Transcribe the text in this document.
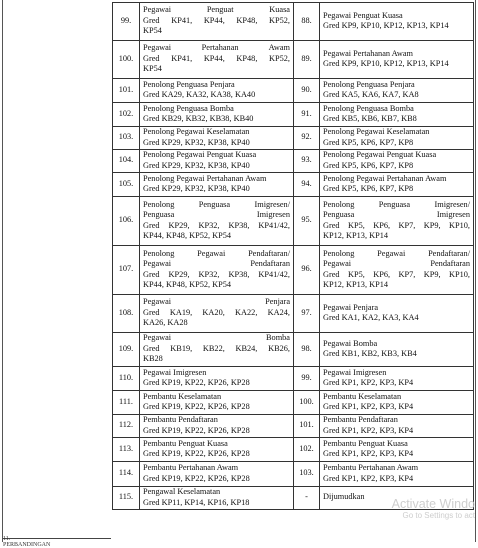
99.	Pegawai Penguat Kuasa
Gred KP41, KP44, KP48, KP52,
KP54	88.	Pegawai Penguat Kuasa
Gred KP9, KP10, KP12, KP13, KP14

100.	Pegawai Pertahanan Awam
Gred KP41, KP44, KP48, KP52,
KP54	89.	Pegawai Pertahanan Awam
Gred KP9, KP10, KP12, KP13, KP14

101.	Penolong Penguasa Penjara
Gred KA29, KA32, KA38, KA40	90.	Penolong Penguasa Penjara
Gred KA5, KA6, KA7, KA8

102.	Penolong Penguasa Bomba
Gred KB29, KB32, KB38, KB40	91.	Penolong Penguasa Bomba
Gred KB5, KB6, KB7, KB8

103.	Penolong Pegawai Keselamatan
Gred KP29, KP32, KP38, KP40	92.	Penolong Pegawai Keselamatan
Gred KP5, KP6, KP7, KP8

104.	Penolong Pegawai Penguat Kuasa
Gred KP29, KP32, KP38, KP40	93.	Penolong Pegawai Penguat Kuasa
Gred KP5, KP6, KP7, KP8

105.	Penolong Pegawai Pertahanan Awam
Gred KP29, KP32, KP38, KP40	94.	Penolong Pegawai Pertahanan Awam
Gred KP5, KP6, KP7, KP8

106.	Penolong Penguasa Imigresen/
Penguasa Imigresen
Gred KP29, KP32, KP38, KP41/42,
KP44, KP48, KP52, KP54	95.	Penolong Penguasa Imigresen/
Penguasa Imigresen
Gred KP5, KP6, KP7, KP9, KP10,
KP12, KP13, KP14

107.	Penolong Pegawai Pendaftaran/
Pegawai Pendaftaran
Gred KP29, KP32, KP38, KP41/42,
KP44, KP48, KP52, KP54	96.	Penolong Pegawai Pendaftaran/
Pegawai Pendaftaran
Gred KP5, KP6, KP7, KP9, KP10,
KP12, KP13, KP14

108.	Pegawai Penjara
Gred KA19, KA20, KA22, KA24,
KA26, KA28	97.	Pegawai Penjara
Gred KA1, KA2, KA3, KA4

109.	Pegawai Bomba
Gred KB19, KB22, KB24, KB26,
KB28	98.	Pegawai Bomba
Gred KB1, KB2, KB3, KB4

110.	Pegawai Imigresen
Gred KP19, KP22, KP26, KP28	99.	Pegawai Imigresen
Gred KP1, KP2, KP3, KP4

111.	Pembantu Keselamatan
Gred KP19, KP22, KP26, KP28	100.	Pembantu Keselamatan
Gred KP1, KP2, KP3, KP4

112.	Pembantu Pendaftaran
Gred KP19, KP22, KP26, KP28	101.	Pembantu Pendaftaran
Gred KP1, KP2, KP3, KP4

113.	Pembantu Penguat Kuasa
Gred KP19, KP22, KP26, KP28	102.	Pembantu Penguat Kuasa
Gred KP1, KP2, KP3, KP4

114.	Pembantu Pertahanan Awam
Gred KP19, KP22, KP26, KP28	103.	Pembantu Pertahanan Awam
Gred KP1, KP2, KP3, KP4

115.	Pengawal Keselamatan
Gred KP11, KP14, KP16, KP18	-	Dijumudkan
11. PERBANDINGAN
Activate Windo
Go to Settings to act
